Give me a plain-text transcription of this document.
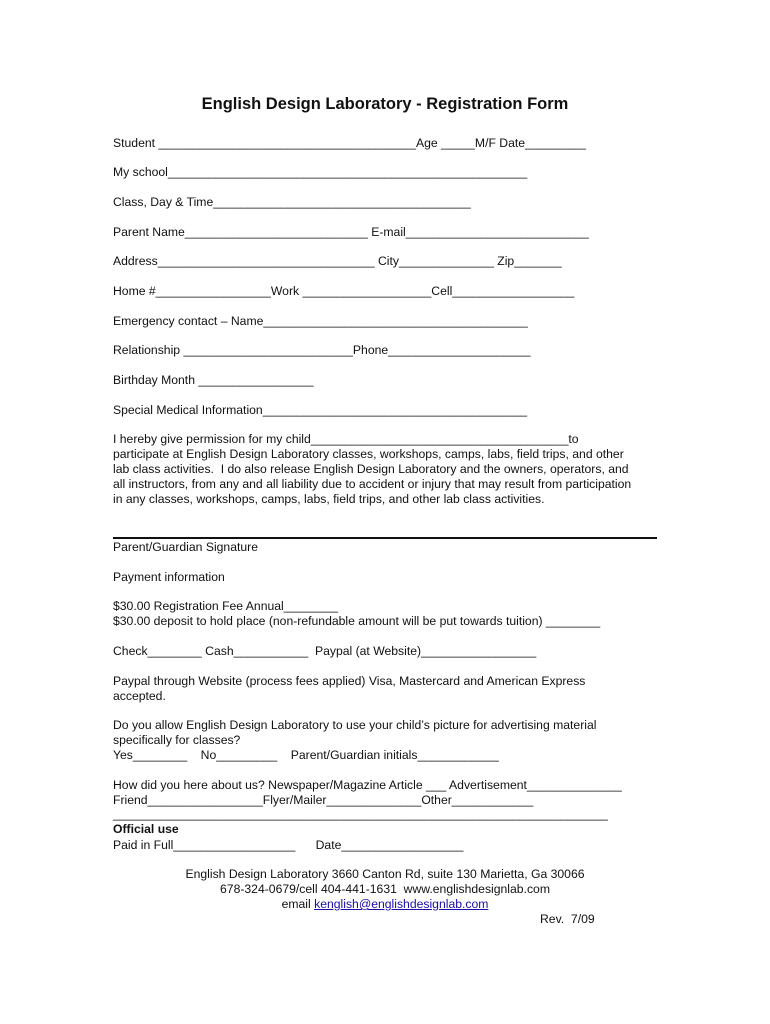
English Design Laboratory - Registration Form
Student ______________________________________Age _____M/F Date_________
My school_____________________________________________________
Class, Day & Time______________________________________
Parent Name___________________________ E-mail___________________________
Address________________________________ City______________ Zip_______
Home #_________________Work ___________________Cell__________________
Emergency contact – Name_______________________________________
Relationship _________________________Phone_____________________
Birthday Month _________________
Special Medical Information_______________________________________
I hereby give permission for my child______________________________________to
participate at English Design Laboratory classes, workshops, camps, labs, field trips, and other
lab class activities.  I do also release English Design Laboratory and the owners, operators, and
all instructors, from any and all liability due to accident or injury that may result from participation
in any classes, workshops, camps, labs, field trips, and other lab class activities.
Parent/Guardian Signature
Payment information
$30.00 Registration Fee Annual________
$30.00 deposit to hold place (non-refundable amount will be put towards tuition) ________
Check________ Cash___________  Paypal (at Website)_________________
Paypal through Website (process fees applied) Visa, Mastercard and American Express
accepted.
Do you allow English Design Laboratory to use your child’s picture for advertising material
specifically for classes?
Yes________    No_________    Parent/Guardian initials____________
How did you here about us? Newspaper/Magazine Article ___ Advertisement______________
Friend_________________Flyer/Mailer______________Other____________
_________________________________________________________________________
Official use
Paid in Full__________________      Date__________________
English Design Laboratory 3660 Canton Rd, suite 130 Marietta, Ga 30066
678-324-0679/cell 404-441-1631  www.englishdesignlab.com
email kenglish@englishdesignlab.com
Rev.  7/09
